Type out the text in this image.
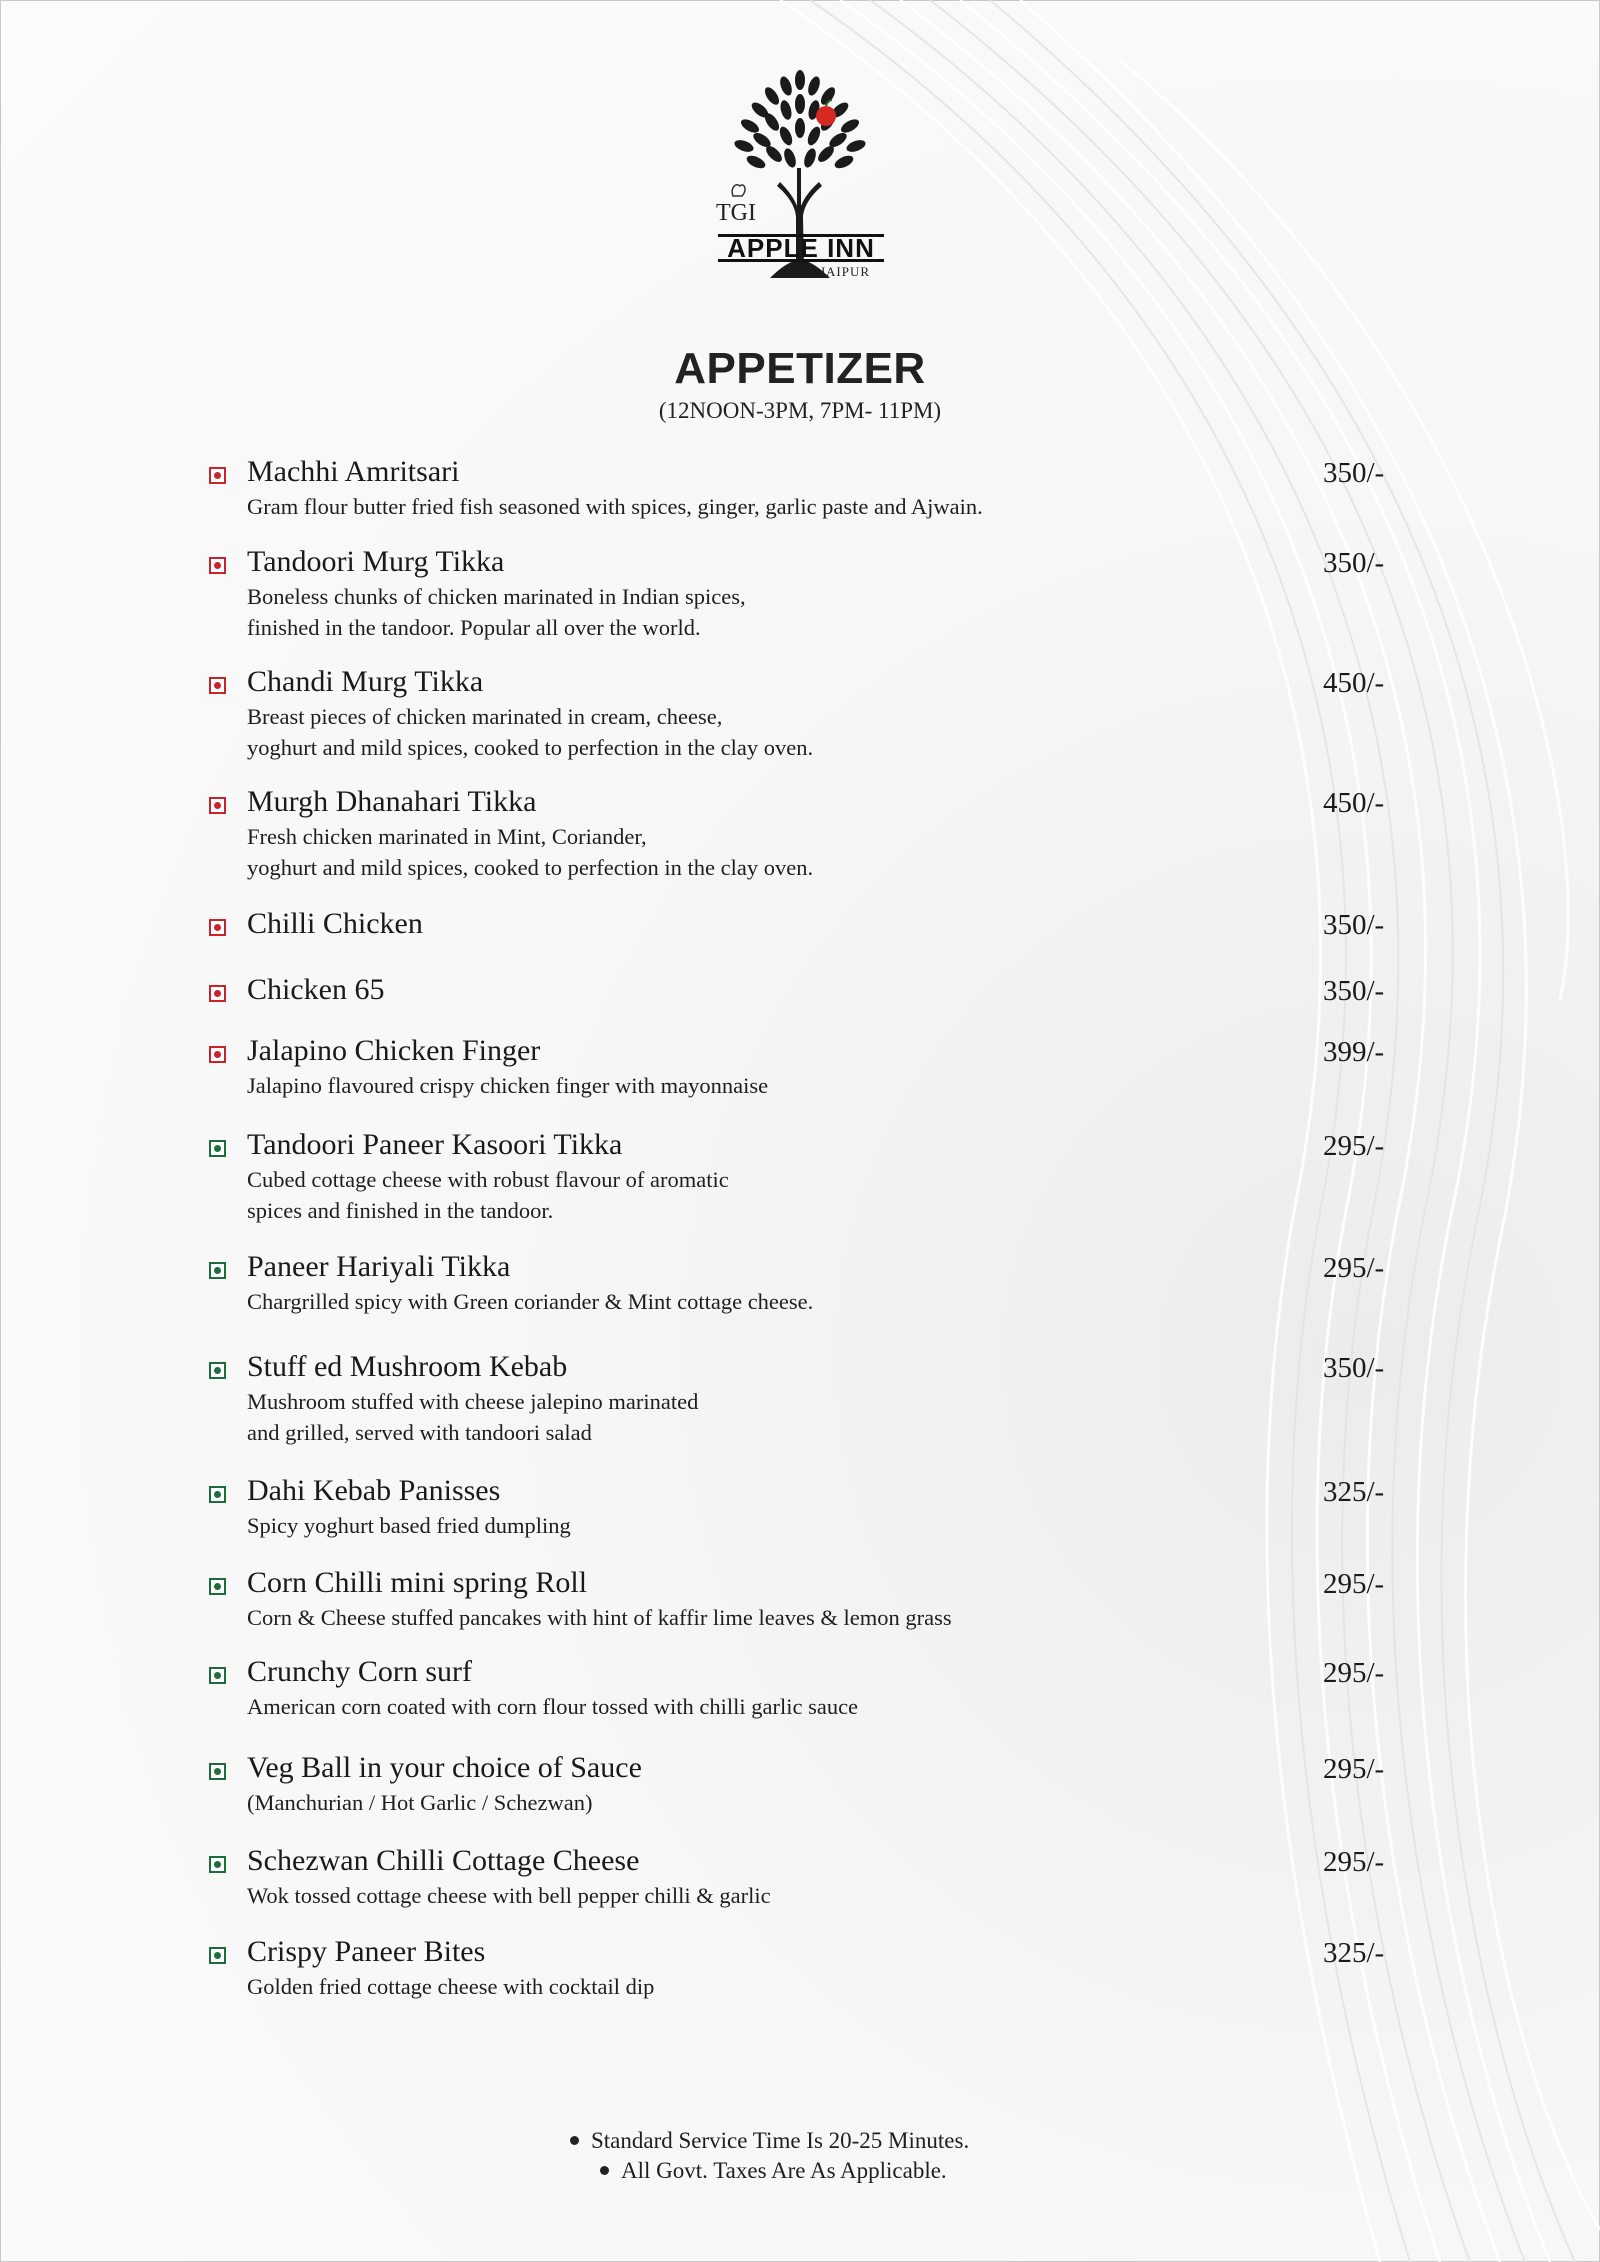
TGI
APPLE INN
JAIPUR
APPETIZER
(12NOON-3PM, 7PM- 11PM)
Machhi Amritsari	350/-
Gram flour butter fried fish seasoned with spices, ginger, garlic paste and Ajwain.
Tandoori Murg Tikka	350/-
Boneless chunks of chicken marinated in Indian spices,
finished in the tandoor. Popular all over the world.
Chandi Murg Tikka	450/-
Breast pieces of chicken marinated in cream, cheese,
yoghurt and mild spices, cooked to perfection in the clay oven.
Murgh Dhanahari Tikka	450/-
Fresh chicken marinated in Mint, Coriander,
yoghurt and mild spices, cooked to perfection in the clay oven.
Chilli Chicken	350/-
Chicken 65	350/-
Jalapino Chicken Finger	399/-
Jalapino flavoured crispy chicken finger with mayonnaise
Tandoori Paneer Kasoori Tikka	295/-
Cubed cottage cheese with robust flavour of aromatic
spices and finished in the tandoor.
Paneer Hariyali Tikka	295/-
Chargrilled spicy with Green coriander & Mint cottage cheese.
Stuff ed Mushroom Kebab	350/-
Mushroom stuffed with cheese jalepino marinated
and grilled, served with tandoori salad
Dahi Kebab Panisses	325/-
Spicy yoghurt based fried dumpling
Corn Chilli mini spring Roll	295/-
Corn & Cheese stuffed pancakes with hint of kaffir lime leaves & lemon grass
Crunchy Corn surf	295/-
American corn coated with corn flour tossed with chilli garlic sauce
Veg Ball in your choice of Sauce	295/-
(Manchurian / Hot Garlic / Schezwan)
Schezwan Chilli Cottage Cheese	295/-
Wok tossed cottage cheese with bell pepper chilli & garlic
Crispy Paneer Bites	325/-
Golden fried cottage cheese with cocktail dip
Standard Service Time Is 20-25 Minutes.
All Govt. Taxes Are As Applicable.
